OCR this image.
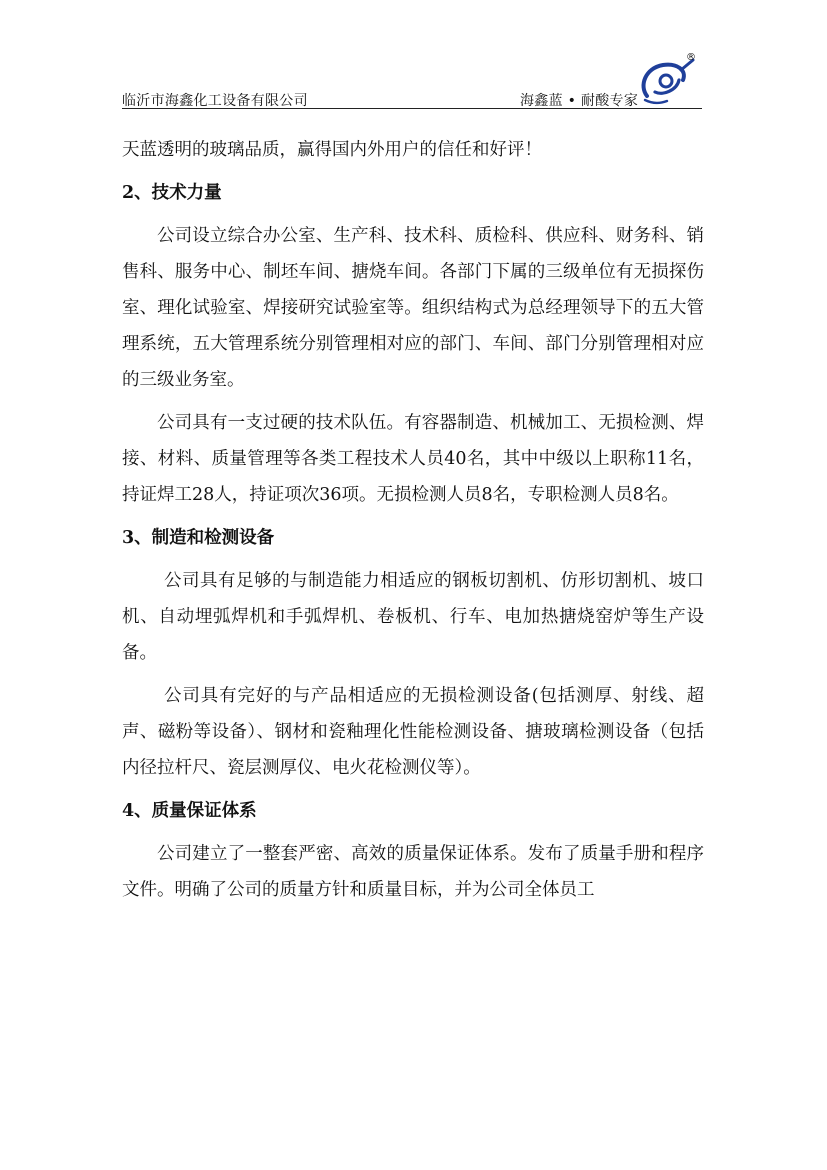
临沂市海鑫化工设备有限公司	海鑫蓝 • 耐酸专家
®

天蓝透明的玻璃品质，赢得国内外用户的信任和好评！

2、技术力量

公司设立综合办公室、生产科、技术科、质检科、供应科、财务科、销售科、服务中心、制坯车间、搪烧车间。各部门下属的三级单位有无损探伤室、理化试验室、焊接研究试验室等。组织结构式为总经理领导下的五大管理系统，五大管理系统分别管理相对应的部门、车间、部门分别管理相对应的三级业务室。

公司具有一支过硬的技术队伍。有容器制造、机械加工、无损检测、焊接、材料、质量管理等各类工程技术人员40名，其中中级以上职称11名，持证焊工28人，持证项次36项。无损检测人员8名，专职检测人员8名。

3、制造和检测设备

公司具有足够的与制造能力相适应的钢板切割机、仿形切割机、坡口机、自动埋弧焊机和手弧焊机、卷板机、行车、电加热搪烧窑炉等生产设备。

公司具有完好的与产品相适应的无损检测设备(包括测厚、射线、超声、磁粉等设备）、钢材和瓷釉理化性能检测设备、搪玻璃检测设备（包括内径拉杆尺、瓷层测厚仪、电火花检测仪等）。

4、质量保证体系

公司建立了一整套严密、高效的质量保证体系。发布了质量手册和程序文件。明确了公司的质量方针和质量目标，并为公司全体员工
